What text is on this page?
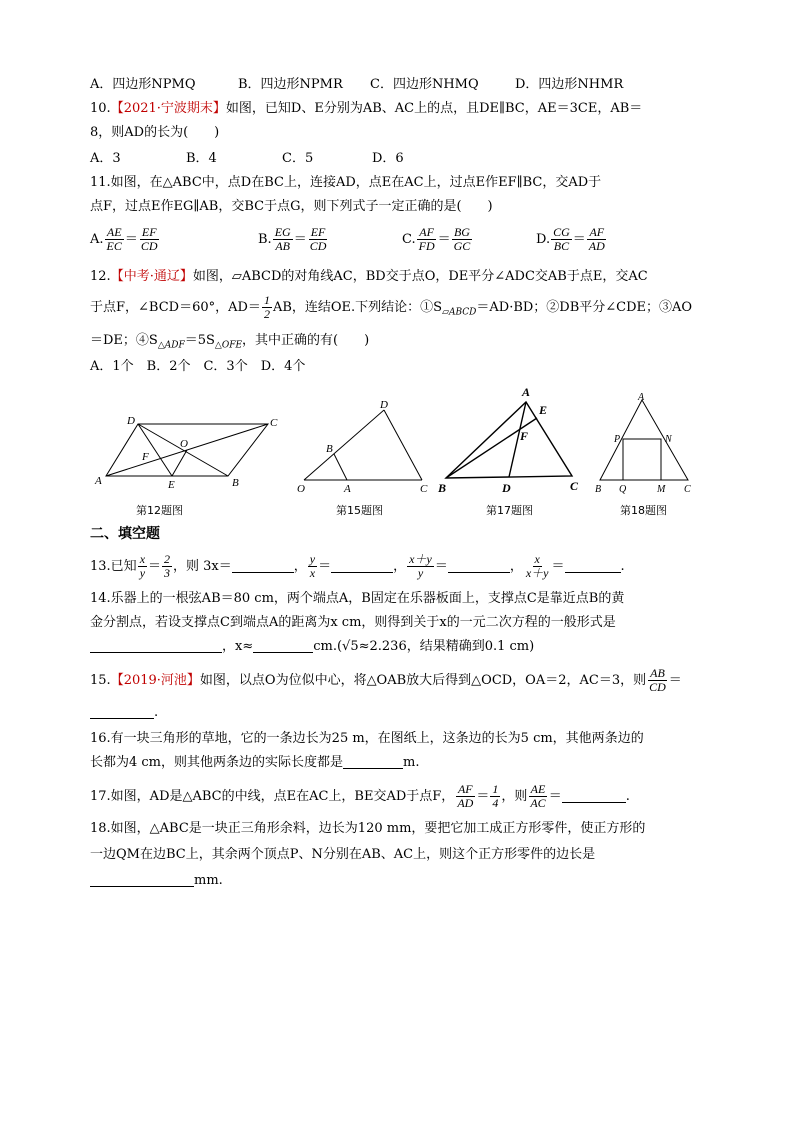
A．四边形NPMQ	B．四边形NPMR C．四边形NHMQ	D．四边形NHMR
10.【2021·宁波期末】如图，已知D、E分别为AB、AC上的点，且DE∥BC，AE＝3CE，AB＝
8，则AD的长为(　　)
A．3	B．4	C．5	D．6
11.如图，在△ABC中，点D在BC上，连接AD，点E在AC上，过点E作EF∥BC，交AD于
点F，过点E作EG∥AB，交BC于点G，则下列式子一定正确的是(　　)
A. $\frac{AE}{EC} = \frac{EF}{CD}$	B. $\frac{EG}{AB} = \frac{EF}{CD}$	C. $\frac{AF}{FD} = \frac{BG}{GC}$	D. $\frac{CG}{BC} = \frac{AF}{AD}$
12.【中考·通辽】如图，▱ABCD的对角线AC，BD交于点O，DE平分∠ADC交AB于点E，交AC
于点F，∠BCD＝60°，$AD= \frac{1}{2}$ AB，连结OE.下列结论：$①S_{▱ABCD}=AD\cdot BD$；②DB平分∠CDE；③AO
＝DE；$④S_{\triangle ADF}=5S_{\triangle OFE}$，其中正确的有(　　)
A．1个　B．2个　C．3个　D．4个
A	B
C
D
E
F
O
第12题图
O	A
B
C
D
第15题图
A
B	C
D
E
F
第17题图
A
B	C
P	N
Q	M
第18题图
二、填空题
13.已知 $\frac{x}{y} = \frac{2}{3}$ ，则 3x＝	， $\frac{y}{x}$ ＝	， $\frac{x+y}{y}$ ＝	， $\frac{x}{x+y}$ ＝	.
14.乐器上的一根弦AB＝80 cm，两个端点A，B固定在乐器板面上，支撑点C是靠近点B的黄
金分割点，若设支撑点C到端点A的距离为x cm，则得到关于x的一元二次方程的一般形式是
，x≈	cm.(√5≈2.236，结果精确到0.1 cm)
15.【2019·河池】如图，以点O为位似中心，将△OAB放大后得到△OCD，OA＝2，AC＝3，则 $\frac{AB}{CD}$ ＝
.
16.有一块三角形的草地，它的一条边长为25 m，在图纸上，这条边的长为5 cm，其他两条边的
长都为4 cm，则其他两条边的实际长度都是	m.
17.如图，AD是△ABC的中线，点E在AC上，BE交AD于点F， $\frac{AF}{AD} = \frac{1}{4}$ ，则 $\frac{AE}{AC}$ ＝	.
18.如图，△ABC是一块正三角形余料，边长为120 mm，要把它加工成正方形零件，使正方形的
一边QM在边BC上，其余两个顶点P、N分别在AB、AC上，则这个正方形零件的边长是
mm.
